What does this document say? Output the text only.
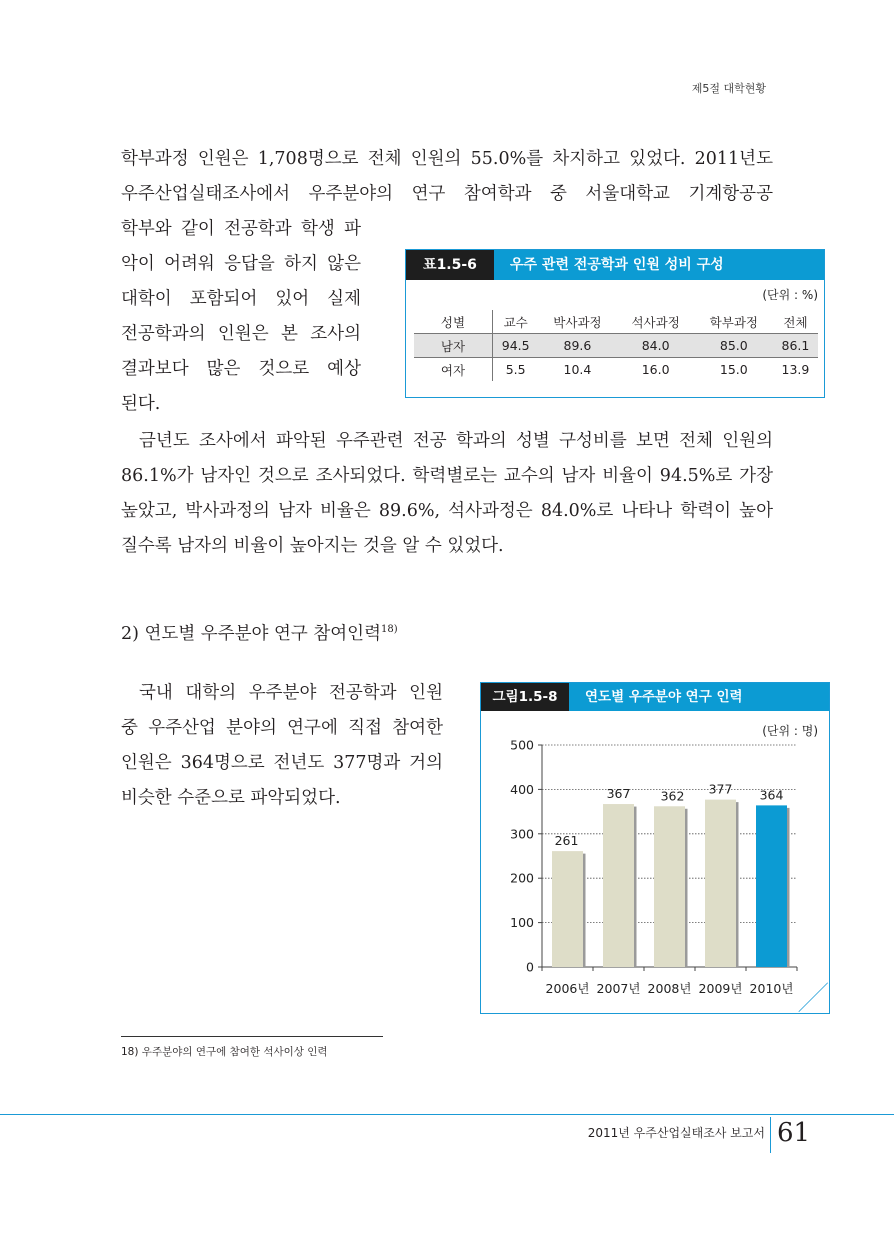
제5절 대학현황
학부과정 인원은 1,708명으로 전체 인원의 55.0%를 차지하고 있었다. 2011년도
우주산업실태조사에서 우주분야의 연구 참여학과 중 서울대학교 기계항공공
학부와 같이 전공학과 학생 파
악이 어려워 응답을 하지 않은
대학이 포함되어 있어 실제
전공학과의 인원은 본 조사의
결과보다 많은 것으로 예상
된다.
표1.5-6	우주 관련 전공학과 인원 성비 구성
(단위 : %)
성별	교수	박사과정	석사과정	학부과정	전체
남자	94.5	89.6	84.0	85.0	86.1
여자	5.5	10.4	16.0	15.0	13.9
금년도 조사에서 파악된 우주관련 전공 학과의 성별 구성비를 보면 전체 인원의
86.1%가 남자인 것으로 조사되었다. 학력별로는 교수의 남자 비율이 94.5%로 가장
높았고, 박사과정의 남자 비율은 89.6%, 석사과정은 84.0%로 나타나 학력이 높아
질수록 남자의 비율이 높아지는 것을 알 수 있었다.
2) 연도별 우주분야 연구 참여인력$^{18)}$
국내 대학의 우주분야 전공학과 인원
중 우주산업 분야의 연구에 직접 참여한
인원은 364명으로 전년도 377명과 거의
비슷한 수준으로 파악되었다.
그림1.5-8	연도별 우주분야 연구 인력
(단위 : 명)
0
100
200
300
400
500
261
2006년
367
2007년
362
2008년
377
2009년
364
2010년
18) 우주분야의 연구에 참여한 석사이상 인력
2011년 우주산업실태조사 보고서 61
